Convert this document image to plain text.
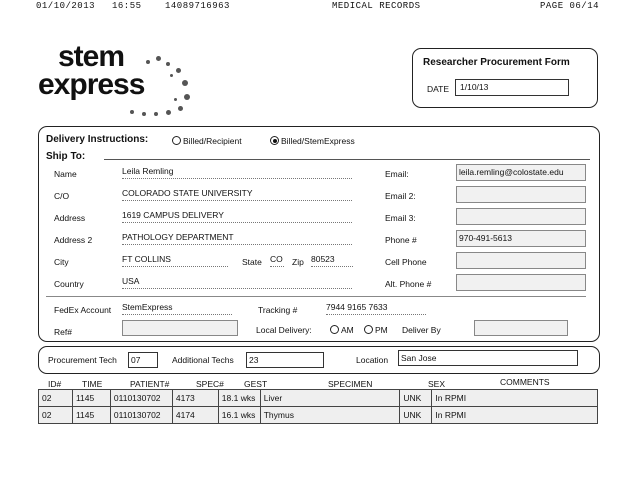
01/10/2013 16:55	14089716963	MEDICAL RECORDS	PAGE 06/14
stem
express
Researcher Procurement Form
DATE	1/10/13
Delivery Instructions:	Billed/Recipient	Billed/StemExpress
Ship To:
Name	Leila Remling
C/O	COLORADO STATE UNIVERSITY
Address	1619 CAMPUS DELIVERY
Address 2	PATHOLOGY DEPARTMENT
City	FT COLLINS	State CO Zip 80523
Country	USA
Email:	leila.remling@colostate.edu
Email 2:
Email 3:
Phone #	970-491-5613
Cell Phone
Alt. Phone #
FedEx Account StemExpress	Tracking #	7944 9165 7633
Ref#	Local Delivery:	AM	PM Deliver By
Procurement Tech	07	Additional Techs	23	Location	San Jose
ID# TIME	PATIENT#	SPEC# GEST	SPECIMEN	SEX	COMMENTS
02	1145	0110130702	4173	18.1 wks	Liver	UNK	In RPMI
02	1145	0110130702	4174	16.1 wks	Thymus	UNK	In RPMI
